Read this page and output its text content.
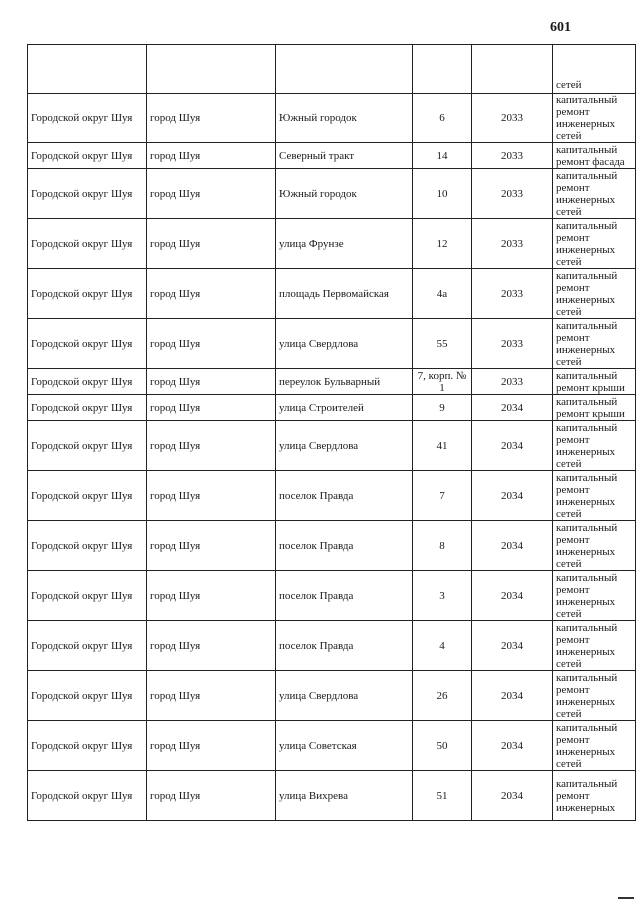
601
					сетей
Городской округ Шуя	город Шуя	Южный городок	6	2033	капитальный ремонт инженерных сетей
Городской округ Шуя	город Шуя	Северный тракт	14	2033	капитальный ремонт фасада
Городской округ Шуя	город Шуя	Южный городок	10	2033	капитальный ремонт инженерных сетей
Городской округ Шуя	город Шуя	улица Фрунзе	12	2033	капитальный ремонт инженерных сетей
Городской округ Шуя	город Шуя	площадь Первомайская	4а	2033	капитальный ремонт инженерных сетей
Городской округ Шуя	город Шуя	улица Свердлова	55	2033	капитальный ремонт инженерных сетей
Городской округ Шуя	город Шуя	переулок Бульварный	7, корп. № 1	2033	капитальный ремонт крыши
Городской округ Шуя	город Шуя	улица Строителей	9	2034	капитальный ремонт крыши
Городской округ Шуя	город Шуя	улица Свердлова	41	2034	капитальный ремонт инженерных сетей
Городской округ Шуя	город Шуя	поселок Правда	7	2034	капитальный ремонт инженерных сетей
Городской округ Шуя	город Шуя	поселок Правда	8	2034	капитальный ремонт инженерных сетей
Городской округ Шуя	город Шуя	поселок Правда	3	2034	капитальный ремонт инженерных сетей
Городской округ Шуя	город Шуя	поселок Правда	4	2034	капитальный ремонт инженерных сетей
Городской округ Шуя	город Шуя	улица Свердлова	26	2034	капитальный ремонт инженерных сетей
Городской округ Шуя	город Шуя	улица Советская	50	2034	капитальный ремонт инженерных сетей
Городской округ Шуя	город Шуя	улица Вихрева	51	2034	капитальный ремонт инженерных
